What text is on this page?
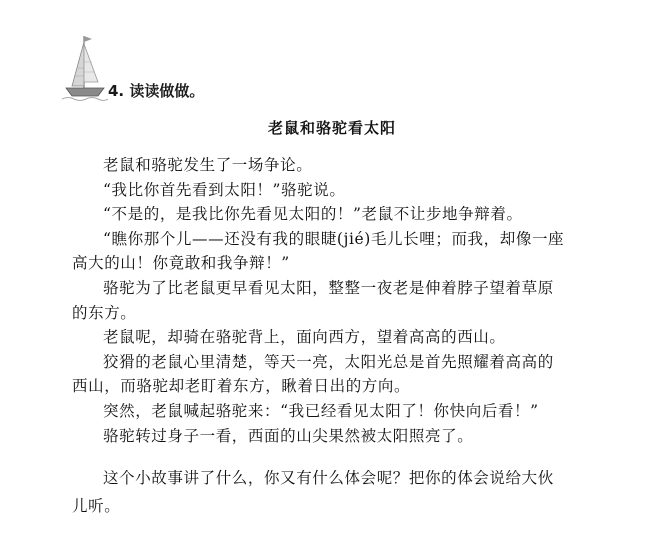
4. 读读做做。
老鼠和骆驼看太阳
老鼠和骆驼发生了一场争论。
“我比你首先看到太阳！”骆驼说。
“不是的，是我比你先看见太阳的！”老鼠不让步地争辩着。
“瞧你那个儿——还没有我的眼睫(jié)毛儿长哩；而我，却像一座
高大的山！你竟敢和我争辩！”
骆驼为了比老鼠更早看见太阳，整整一夜老是伸着脖子望着草原
的东方。
老鼠呢，却骑在骆驼背上，面向西方，望着高高的西山。
狡猾的老鼠心里清楚，等天一亮，太阳光总是首先照耀着高高的
西山，而骆驼却老盯着东方，瞅着日出的方向。
突然，老鼠喊起骆驼来：“我已经看见太阳了！你快向后看！”
骆驼转过身子一看，西面的山尖果然被太阳照亮了。
这个小故事讲了什么，你又有什么体会呢？把你的体会说给大伙
儿听。
